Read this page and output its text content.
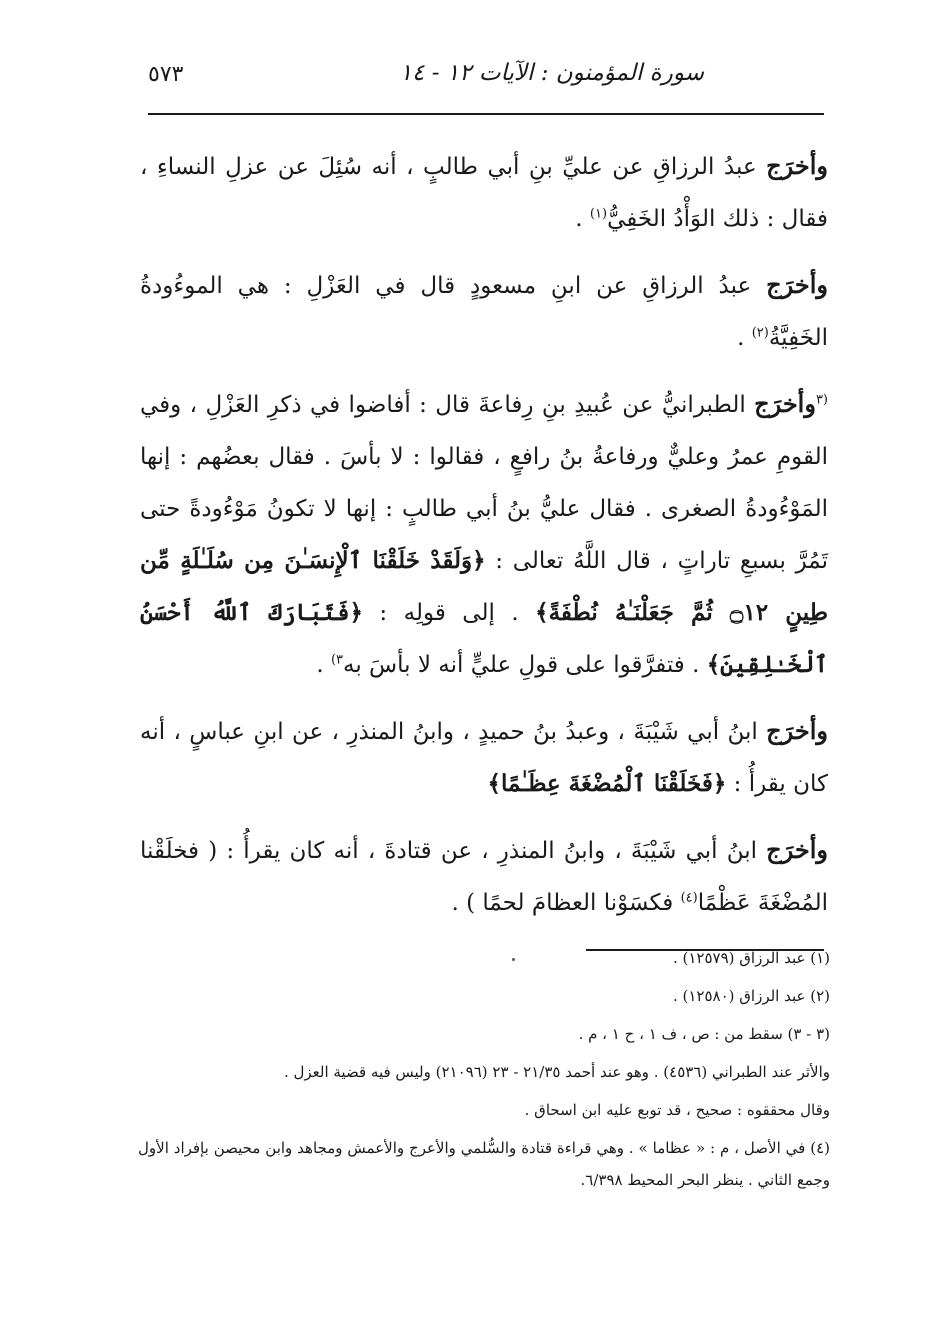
سورة المؤمنون : الآيات ١٢ - ١٤
٥٧٣

وأخرَج عبدُ الرزاقِ عن عليِّ بنِ أبي طالبٍ ، أنه سُئِلَ عن عزلِ النساءِ ، فقال : ذلك الوَأْدُ الخَفِيُّ$^{(١)}$ .

وأخرَج عبدُ الرزاقِ عن ابنِ مسعودٍ قال في العَزْلِ : هي الموءُودةُ الخَفِيَّةُ$^{(٢)}$ .

$^{(٣}$وأخرَج الطبرانيُّ عن عُبيدِ بنِ رِفاعةَ قال : أفاضوا في ذكرِ العَزْلِ ، وفي القومِ عمرُ وعليٌّ ورفاعةُ بنُ رافعٍ ، فقالوا : لا بأسَ . فقال بعضُهم : إنها المَوْءُودةُ الصغرى . فقال عليُّ بنُ أبي طالبٍ : إنها لا تكونُ مَوْءُودةً حتى تَمُرَّ بسبعِ تاراتٍ ، قال اللَّهُ تعالى : ﴿وَلَقَدْ خَلَقْنَا ٱلْإِنسَـٰنَ مِن سُلَـٰلَةٍ مِّن طِينٍ ۝١٢ ثُمَّ جَعَلْنَـٰهُ نُطْفَةً﴾ . إلى قولِه : ﴿فَتَبَارَكَ ٱللَّهُ أَحْسَنُ ٱلْخَـٰلِقِينَ﴾ . فتفرَّقوا على قولِ عليٍّ أنه لا بأسَ به$^{٣)}$ .

وأخرَج ابنُ أبي شَيْبَةَ ، وعبدُ بنُ حميدٍ ، وابنُ المنذرِ ، عن ابنِ عباسٍ ، أنه كان يقرأُ : ﴿فَخَلَقْنَا ٱلْمُضْغَةَ عِظَـٰمًا﴾

وأخرَج ابنُ أبي شَيْبَةَ ، وابنُ المنذرِ ، عن قتادةَ ، أنه كان يقرأُ : ( فخلَقْنا المُضْغَةَ عَظْمًا$^{(٤)}$ فكسَوْنا العظامَ لحمًا ) .

(١) عبد الرزاق (١٢٥٧٩) .

(٢) عبد الرزاق (١٢٥٨٠) .

(٣ - ٣) سقط من : ص ، ف ١ ، ح ١ ، م .

والأثر عند الطبراني (٤٥٣٦) . وهو عند أحمد ٢١/٣٥ - ٢٣ (٢١٠٩٦) وليس فيه قضية العزل .

وقال محققوه : صحيح ، قد توبع عليه ابن اسحاق .

(٤) في الأصل ، م : « عظاما » . وهي قراءة قتادة والسُّلمي والأعرج والأعمش ومجاهد وابن محيصن بإفراد الأول وجمع الثاني . ينظر البحر المحيط ٦/٣٩٨.
